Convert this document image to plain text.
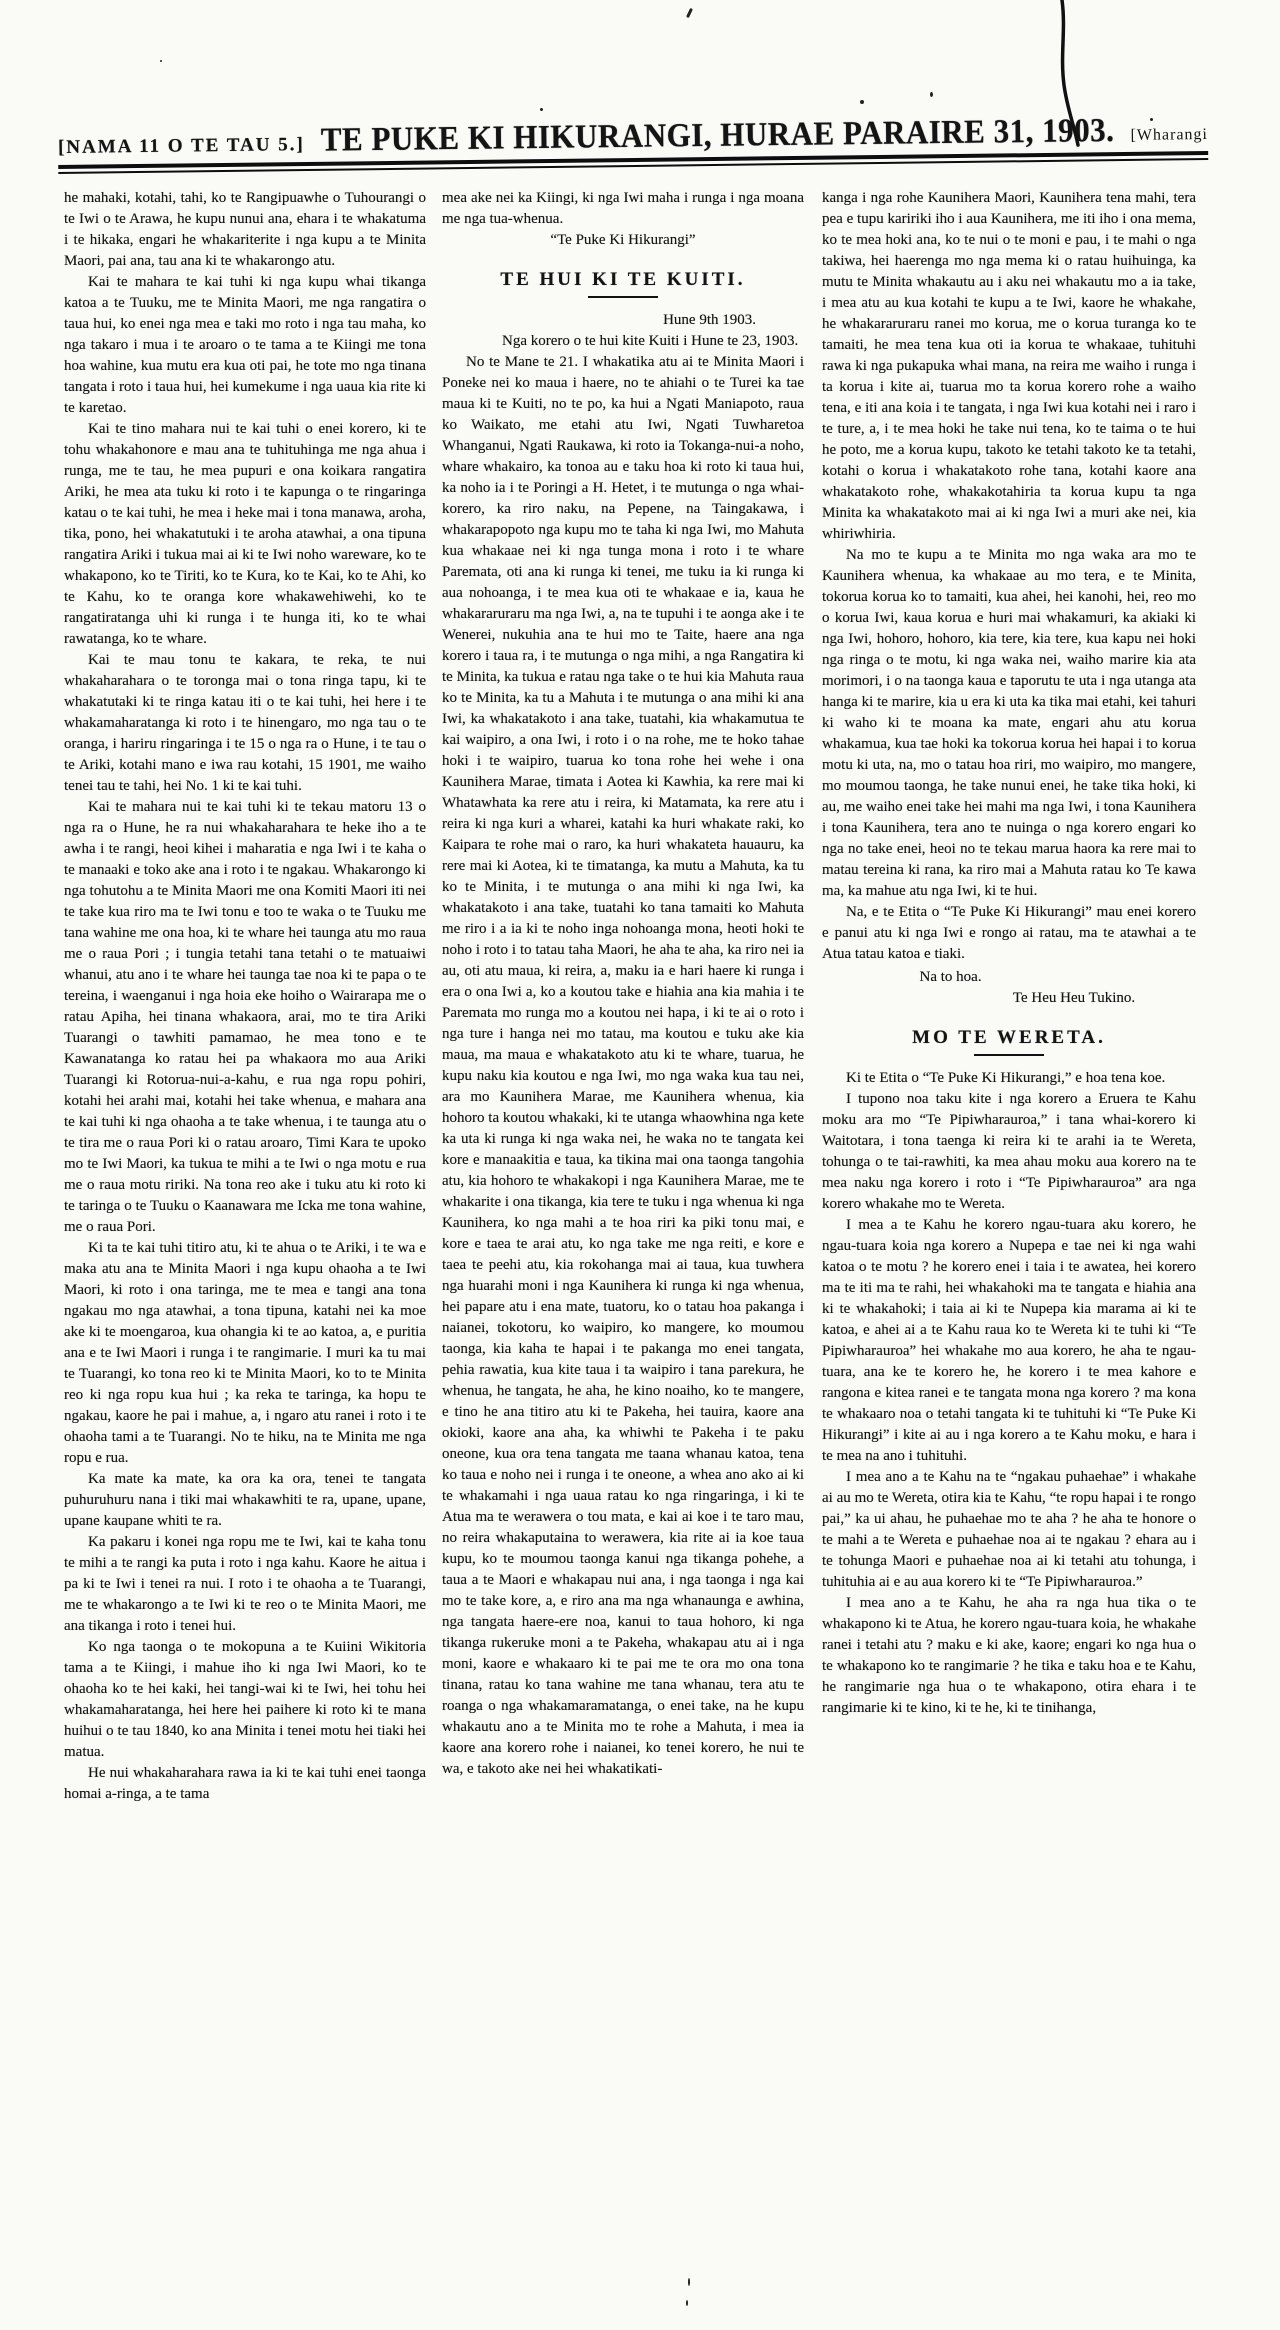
[NAMA 11 O TE TAU 5.] TE PUKE KI HIKURANGI, HURAE PARAIRE 31, 1903. [Wharangi

he mahaki, kotahi, tahi, ko te Rangipuawhe o Tuhourangi o te Iwi o te Arawa, he kupu nunui ana, ehara i te whakatuma i te hikaka, engari he whakariterite i nga kupu a te Minita Maori, pai ana, tau ana ki te whakarongo atu.

Kai te mahara te kai tuhi ki nga kupu whai tikanga katoa a te Tuuku, me te Minita Maori, me nga rangatira o taua hui, ko enei nga mea e taki mo roto i nga tau maha, ko nga takaro i mua i te aroaro o te tama a te Kiingi me tona hoa wahine, kua mutu era kua oti pai, he tote mo nga tinana tangata i roto i taua hui, hei kumekume i nga uaua kia rite ki te karetao.

Kai te tino mahara nui te kai tuhi o enei korero, ki te tohu whakahonore e mau ana te tuhituhinga me nga ahua i runga, me te tau, he mea pupuri e ona koikara rangatira Ariki, he mea ata tuku ki roto i te kapunga o te ringaringa katau o te kai tuhi, he mea i heke mai i tona manawa, aroha, tika, pono, hei whakatutuki i te aroha atawhai, a ona tipuna rangatira Ariki i tukua mai ai ki te Iwi noho wareware, ko te whakapono, ko te Tiriti, ko te Kura, ko te Kai, ko te Ahi, ko te Kahu, ko te oranga kore whakawehiwehi, ko te rangatiratanga uhi ki runga i te hunga iti, ko te whai rawatanga, ko te whare.

Kai te mau tonu te kakara, te reka, te nui whakaharahara o te toronga mai o tona ringa tapu, ki te whakatutaki ki te ringa katau iti o te kai tuhi, hei here i te whakamaharatanga ki roto i te hinengaro, mo nga tau o te oranga, i hariru ringaringa i te 15 o nga ra o Hune, i te tau o te Ariki, kotahi mano e iwa rau kotahi, 15 1901, me waiho tenei tau te tahi, hei No. 1 ki te kai tuhi.

Kai te mahara nui te kai tuhi ki te tekau matoru 13 o nga ra o Hune, he ra nui whakaharahara te heke iho a te awha i te rangi, heoi kihei i maharatia e nga Iwi i te kaha o te manaaki e toko ake ana i roto i te ngakau. Whakarongo ki nga tohutohu a te Minita Maori me ona Komiti Maori iti nei te take kua riro ma te Iwi tonu e too te waka o te Tuuku me tana wahine me ona hoa, ki te whare hei taunga atu mo raua me o raua Pori ; i tungia tetahi tana tetahi o te matuaiwi whanui, atu ano i te whare hei taunga tae noa ki te papa o te tereina, i waenganui i nga hoia eke hoiho o Wairarapa me o ratau Apiha, hei tinana whakaora, arai, mo te tira Ariki Tuarangi o tawhiti pamamao, he mea tono e te Kawanatanga ko ratau hei pa whakaora mo aua Ariki Tuarangi ki Rotorua-nui-a-kahu, e rua nga ropu pohiri, kotahi hei arahi mai, kotahi hei take whenua, e mahara ana te kai tuhi ki nga ohaoha a te take whenua, i te taunga atu o te tira me o raua Pori ki o ratau aroaro, Timi Kara te upoko mo te Iwi Maori, ka tukua te mihi a te Iwi o nga motu e rua me o raua motu ririki. Na tona reo ake i tuku atu ki roto ki te taringa o te Tuuku o Kaanawara me Icka me tona wahine, me o raua Pori.

Ki ta te kai tuhi titiro atu, ki te ahua o te Ariki, i te wa e maka atu ana te Minita Maori i nga kupu ohaoha a te Iwi Maori, ki roto i ona taringa, me te mea e tangi ana tona ngakau mo nga atawhai, a tona tipuna, katahi nei ka moe ake ki te moengaroa, kua ohangia ki te ao katoa, a, e puritia ana e te Iwi Maori i runga i te rangimarie. I muri ka tu mai te Tuarangi, ko tona reo ki te Minita Maori, ko to te Minita reo ki nga ropu kua hui ; ka reka te taringa, ka hopu te ngakau, kaore he pai i mahue, a, i ngaro atu ranei i roto i te ohaoha tami a te Tuarangi. No te hiku, na te Minita me nga ropu e rua.

Ka mate ka mate, ka ora ka ora, tenei te tangata puhuruhuru nana i tiki mai whakawhiti te ra, upane, upane, upane kaupane whiti te ra.

Ka pakaru i konei nga ropu me te Iwi, kai te kaha tonu te mihi a te rangi ka puta i roto i nga kahu. Kaore he aitua i pa ki te Iwi i tenei ra nui. I roto i te ohaoha a te Tuarangi, me te whakarongo a te Iwi ki te reo o te Minita Maori, me ana tikanga i roto i tenei hui.

Ko nga taonga o te mokopuna a te Kuiini Wikitoria tama a te Kiingi, i mahue iho ki nga Iwi Maori, ko te ohaoha ko te hei kaki, hei tangi-wai ki te Iwi, hei tohu hei whakamaharatanga, hei here hei paihere ki roto ki te mana huihui o te tau 1840, ko ana Minita i tenei motu hei tiaki hei matua.

He nui whakaharahara rawa ia ki te kai tuhi enei taonga homai a-ringa, a te tama

mea ake nei ka Kiingi, ki nga Iwi maha i runga i nga moana me nga tua-whenua.

“Te Puke Ki Hikurangi”

TE HUI KI TE KUITI.

Hune 9th 1903.

Nga korero o te hui kite Kuiti i Hune te 23, 1903.

No te Mane te 21. I whakatika atu ai te Minita Maori i Poneke nei ko maua i haere, no te ahiahi o te Turei ka tae maua ki te Kuiti, no te po, ka hui a Ngati Maniapoto, raua ko Waikato, me etahi atu Iwi, Ngati Tuwharetoa Whanganui, Ngati Raukawa, ki roto ia Tokanga-nui-a noho, whare whakairo, ka tonoa au e taku hoa ki roto ki taua hui, ka noho ia i te Poringi a H. Hetet, i te mutunga o nga whai-korero, ka riro naku, na Pepene, na Taingakawa, i whakarapopoto nga kupu mo te taha ki nga Iwi, mo Mahuta kua whakaae nei ki nga tunga mona i roto i te whare Paremata, oti ana ki runga ki tenei, me tuku ia ki runga ki aua nohoanga, i te mea kua oti te whakaae e ia, kaua he whakararuraru ma nga Iwi, a, na te tupuhi i te aonga ake i te Wenerei, nukuhia ana te hui mo te Taite, haere ana nga korero i taua ra, i te mutunga o nga mihi, a nga Rangatira ki te Minita, ka tukua e ratau nga take o te hui kia Mahuta raua ko te Minita, ka tu a Mahuta i te mutunga o ana mihi ki ana Iwi, ka whakatakoto i ana take, tuatahi, kia whakamutua te kai waipiro, a ona Iwi, i roto i o na rohe, me te hoko tahae hoki i te waipiro, tuarua ko tona rohe hei wehe i ona Kaunihera Marae, timata i Aotea ki Kawhia, ka rere mai ki Whatawhata ka rere atu i reira, ki Matamata, ka rere atu i reira ki nga kuri a wharei, katahi ka huri whakate raki, ko Kaipara te rohe mai o raro, ka huri whakateta hauauru, ka rere mai ki Aotea, ki te timatanga, ka mutu a Mahuta, ka tu ko te Minita, i te mutunga o ana mihi ki nga Iwi, ka whakatakoto i ana take, tuatahi ko tana tamaiti ko Mahuta me riro i a ia ki te noho inga nohoanga mona, heoti hoki te noho i roto i to tatau taha Maori, he aha te aha, ka riro nei ia au, oti atu maua, ki reira, a, maku ia e hari haere ki runga i era o ona Iwi a, ko a koutou take e hiahia ana kia mahia i te Paremata mo runga mo a koutou nei hapa, i ki te ai o roto i nga ture i hanga nei mo tatau, ma koutou e tuku ake kia maua, ma maua e whakatakoto atu ki te whare, tuarua, he kupu naku kia koutou e nga Iwi, mo nga waka kua tau nei, ara mo Kaunihera Marae, me Kaunihera whenua, kia hohoro ta koutou whakaki, ki te utanga whaowhina nga kete ka uta ki runga ki nga waka nei, he waka no te tangata kei kore e manaakitia e taua, ka tikina mai ona taonga tangohia atu, kia hohoro te whakakopi i nga Kaunihera Marae, me te whakarite i ona tikanga, kia tere te tuku i nga whenua ki nga Kaunihera, ko nga mahi a te hoa riri ka piki tonu mai, e kore e taea te arai atu, ko nga take me nga reiti, e kore e taea te peehi atu, kia rokohanga mai ai taua, kua tuwhera nga huarahi moni i nga Kaunihera ki runga ki nga whenua, hei papare atu i ena mate, tuatoru, ko o tatau hoa pakanga i naianei, tokotoru, ko waipiro, ko mangere, ko moumou taonga, kia kaha te hapai i te pakanga mo enei tangata, pehia rawatia, kua kite taua i ta waipiro i tana parekura, he whenua, he tangata, he aha, he kino noaiho, ko te mangere, e tino he ana titiro atu ki te Pakeha, hei tauira, kaore ana okioki, kaore ana aha, ka whiwhi te Pakeha i te paku oneone, kua ora tena tangata me taana whanau katoa, tena ko taua e noho nei i runga i te oneone, a whea ano ako ai ki te whakamahi i nga uaua ratau ko nga ringaringa, i ki te Atua ma te werawera o tou mata, e kai ai koe i te taro mau, no reira whakaputaina to werawera, kia rite ai ia koe taua kupu, ko te moumou taonga kanui nga tikanga pohehe, a taua a te Maori e whakapau nui ana, i nga taonga i nga kai mo te take kore, a, e riro ana ma nga whanaunga e awhina, nga tangata haere-ere noa, kanui to taua hohoro, ki nga tikanga rukeruke moni a te Pakeha, whakapau atu ai i nga moni, kaore e whakaaro ki te pai me te ora mo ona tona tinana, ratau ko tana wahine me tana whanau, tera atu te roanga o nga whakamaramatanga, o enei take, na he kupu whakautu ano a te Minita mo te rohe a Mahuta, i mea ia kaore ana korero rohe i naianei, ko tenei korero, he nui te wa, e takoto ake nei hei whakatikati-

kanga i nga rohe Kaunihera Maori, Kaunihera tena mahi, tera pea e tupu kaririki iho i aua Kaunihera, me iti iho i ona mema, ko te mea hoki ana, ko te nui o te moni e pau, i te mahi o nga takiwa, hei haerenga mo nga mema ki o ratau huihuinga, ka mutu te Minita whakautu au i aku nei whakautu mo a ia take, i mea atu au kua kotahi te kupu a te Iwi, kaore he whakahe, he whakararuraru ranei mo korua, me o korua turanga ko te tamaiti, he mea tena kua oti ia korua te whakaae, tuhituhi rawa ki nga pukapuka whai mana, na reira me waiho i runga i ta korua i kite ai, tuarua mo ta korua korero rohe a waiho tena, e iti ana koia i te tangata, i nga Iwi kua kotahi nei i raro i te ture, a, i te mea hoki he take nui tena, ko te taima o te hui he poto, me a korua kupu, takoto ke tetahi takoto ke ta tetahi, kotahi o korua i whakatakoto rohe tana, kotahi kaore ana whakatakoto rohe, whakakotahiria ta korua kupu ta nga Minita ka whakatakoto mai ai ki nga Iwi a muri ake nei, kia whiriwhiria.

Na mo te kupu a te Minita mo nga waka ara mo te Kaunihera whenua, ka whakaae au mo tera, e te Minita, tokorua korua ko to tamaiti, kua ahei, hei kanohi, hei, reo mo o korua Iwi, kaua korua e huri mai whakamuri, ka akiaki ki nga Iwi, hohoro, hohoro, kia tere, kia tere, kua kapu nei hoki nga ringa o te motu, ki nga waka nei, waiho marire kia ata morimori, i o na taonga kaua e taporutu te uta i nga utanga ata hanga ki te marire, kia u era ki uta ka tika mai etahi, kei tahuri ki waho ki te moana ka mate, engari ahu atu korua whakamua, kua tae hoki ka tokorua korua hei hapai i to korua motu ki uta, na, mo o tatau hoa riri, mo waipiro, mo mangere, mo moumou taonga, he take nunui enei, he take tika hoki, ki au, me waiho enei take hei mahi ma nga Iwi, i tona Kaunihera i tona Kaunihera, tera ano te nuinga o nga korero engari ko nga no take enei, heoi no te tekau marua haora ka rere mai to matau tereina ki rana, ka riro mai a Mahuta ratau ko Te kawa ma, ka mahue atu nga Iwi, ki te hui.

Na, e te Etita o “Te Puke Ki Hikurangi” mau enei korero e panui atu ki nga Iwi e rongo ai ratau, ma te atawhai a te Atua tatau katoa e tiaki.

Na to hoa.

Te Heu Heu Tukino.

MO TE WERETA.

Ki te Etita o “Te Puke Ki Hikurangi,” e hoa tena koe.

I tupono noa taku kite i nga korero a Eruera te Kahu moku ara mo “Te Pipiwharauroa,” i tana whai-korero ki Waitotara, i tona taenga ki reira ki te arahi ia te Wereta, tohunga o te tai-rawhiti, ka mea ahau moku aua korero na te mea naku nga korero i roto i “Te Pipiwharauroa” ara nga korero whakahe mo te Wereta.

I mea a te Kahu he korero ngau-tuara aku korero, he ngau-tuara koia nga korero a Nupepa e tae nei ki nga wahi katoa o te motu ? he korero enei i taia i te awatea, hei korero ma te iti ma te rahi, hei whakahoki ma te tangata e hiahia ana ki te whakahoki; i taia ai ki te Nupepa kia marama ai ki te katoa, e ahei ai a te Kahu raua ko te Wereta ki te tuhi ki “Te Pipiwharauroa” hei whakahe mo aua korero, he aha te ngau-tuara, ana ke te korero he, he korero i te mea kahore e rangona e kitea ranei e te tangata mona nga korero ? ma kona te whakaaro noa o tetahi tangata ki te tuhituhi ki “Te Puke Ki Hikurangi” i kite ai au i nga korero a te Kahu moku, e hara i te mea na ano i tuhituhi.

I mea ano a te Kahu na te “ngakau puhaehae” i whakahe ai au mo te Wereta, otira kia te Kahu, “te ropu hapai i te rongo pai,” ka ui ahau, he puhaehae mo te aha ? he aha te honore o te mahi a te Wereta e puhaehae noa ai te ngakau ? ehara au i te tohunga Maori e puhaehae noa ai ki tetahi atu tohunga, i tuhituhia ai e au aua korero ki te “Te Pipiwharauroa.”

I mea ano a te Kahu, he aha ra nga hua tika o te whakapono ki te Atua, he korero ngau-tuara koia, he whakahe ranei i tetahi atu ? maku e ki ake, kaore; engari ko nga hua o te whakapono ko te rangimarie ? he tika e taku hoa e te Kahu, he rangimarie nga hua o te whakapono, otira ehara i te rangimarie ki te kino, ki te he, ki te tinihanga,
